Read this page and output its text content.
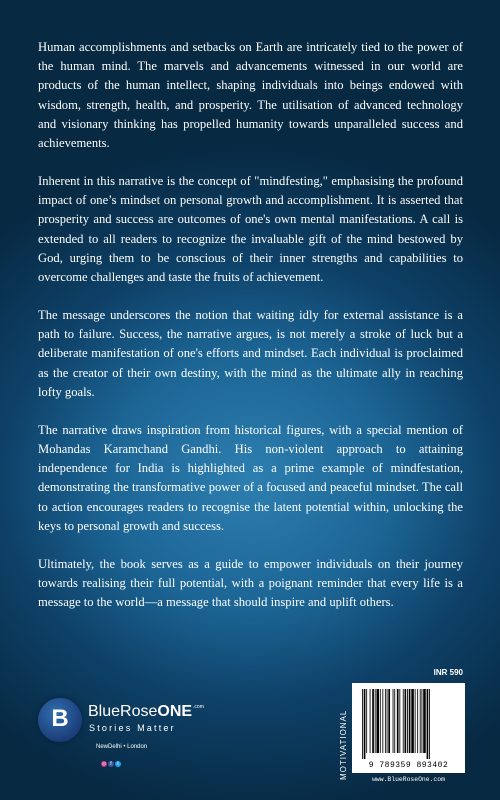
Human accomplishments and setbacks on Earth are intricately tied to the power of the human mind. The marvels and advancements witnessed in our world are products of the human intellect, shaping individuals into beings endowed with wisdom, strength, health, and prosperity. The utilisation of advanced technology and visionary thinking has propelled humanity towards unparalleled success and achievements.

Inherent in this narrative is the concept of "mindfesting," emphasising the profound impact of one’s mindset on personal growth and accomplishment. It is asserted that prosperity and success are outcomes of one's own mental manifestations. A call is extended to all readers to recognize the invaluable gift of the mind bestowed by God, urging them to be conscious of their inner strengths and capabilities to overcome challenges and taste the fruits of achievement.

The message underscores the notion that waiting idly for external assistance is a path to failure. Success, the narrative argues, is not merely a stroke of luck but a deliberate manifestation of one's efforts and mindset. Each individual is proclaimed as the creator of their own destiny, with the mind as the ultimate ally in reaching lofty goals.

The narrative draws inspiration from historical figures, with a special mention of Mohandas Karamchand Gandhi. His non-violent approach to attaining independence for India is highlighted as a prime example of mindfestation, demonstrating the transformative power of a focused and peaceful mindset. The call to action encourages readers to recognise the latent potential within, unlocking the keys to personal growth and success.

Ultimately, the book serves as a guide to empower individuals on their journey towards realising their full potential, with a poignant reminder that every life is a message to the world—a message that should inspire and uplift others.

B	BlueRoseONE.com
Stories Matter
NewDelhi • London
◎ f t	MOTIVATIONAL
INR 590
9 789359 893402
www.BlueRoseOne.com
